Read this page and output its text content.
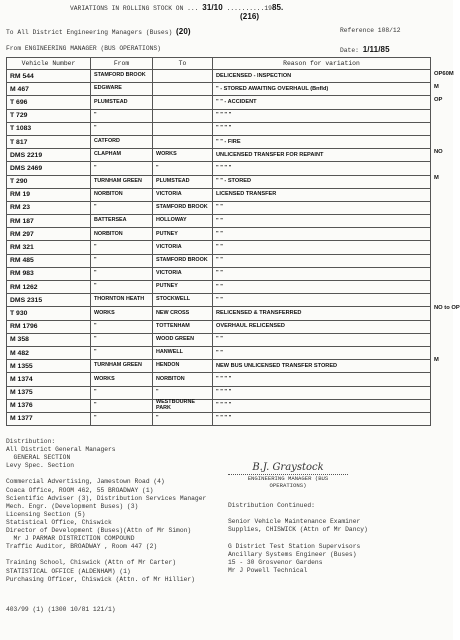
VARIATIONS IN ROLLING STOCK ON ... 31/10 ..........1985.
(216)
To All District Engineering Managers (Buses) (20)	Reference 108/12
From ENGINEERING MANAGER (BUS OPERATIONS)	Date: 1/11/85
Vehicle Number	From	To	Reason for variation
RM 544	STAMFORD BROOK		DELICENSED - INSPECTION
M 467	EDGWARE		" - STORED AWAITING OVERHAUL (Bnfld)
T 696	PLUMSTEAD		" " - ACCIDENT
T 729	"		" " " "
T 1083	"		" " " "
T 817	CATFORD		" " - FIRE
DMS 2219	CLAPHAM	WORKS	UNLICENSED TRANSFER FOR REPAINT
DMS 2469	"	"	" " " "
T 290	TURNHAM GREEN	PLUMSTEAD	" " - STORED
RM 19	NORBITON	VICTORIA	LICENSED TRANSFER
RM 23	"	STAMFORD BROOK	" "
RM 187	BATTERSEA	HOLLOWAY	" "
RM 297	NORBITON	PUTNEY	" "
RM 321	"	VICTORIA	" "
RM 485	"	STAMFORD BROOK	" "
RM 983	"	VICTORIA	" "
RM 1262	"	PUTNEY	" "
DMS 2315	THORNTON HEATH	STOCKWELL	" "
T 930	WORKS	NEW CROSS	RELICENSED & TRANSFERRED
RM 1796	"	TOTTENHAM	OVERHAUL RELICENSED
M 358	"	WOOD GREEN	" "
M 482	"	HANWELL	" "
M 1355	TURNHAM GREEN	HENDON	NEW BUS UNLICENSED TRANSFER STORED
M 1374	WORKS	NORBITON	" " " "
M 1375	"	"	" " " "
M 1376	"	WESTBOURNE PARK	" " " "
M 1377	"	"	" " " "
OP60M
M
OP
NO
M
NO to OP
M
Distribution:
All District General Managers
GENERAL SECTION
Levy Spec. Section
Commercial Advertising, Jamestown Road (4)
Coaca Office, ROOM 462, 55 BROADWAY (1)
Scientific Adviser (3), Distribution Services Manager
Mech. Engr. (Development Buses) (3)
Licensing Section (5)
Statistical Office, Chiswick
Director of Development (Buses)(Attn of Mr Simon)
Mr J PARMAR DISTRICTION COMPOUND
Traffic Auditor, BROADWAY , Room 447 (2)
Training School, Chiswick (Attn of Mr Carter)
STATISTICAL OFFICE (ALDENHAM) (1)
Purchasing Officer, Chiswick (Attn. of Mr Hillier)
Distribution Continued:
Senior Vehicle Maintenance Examiner
Supplies, CHISWICK (Attn of Mr Dancy)
G District Test Station Supervisors
Ancillary Systems Engineer (Buses)
15 - 30 Grosvenor Gardens
Mr J Powell Technical
B.J. Graystock
ENGINEERING MANAGER (BUS OPERATIONS)
403/99 (1) (1300 10/81 121/1)
